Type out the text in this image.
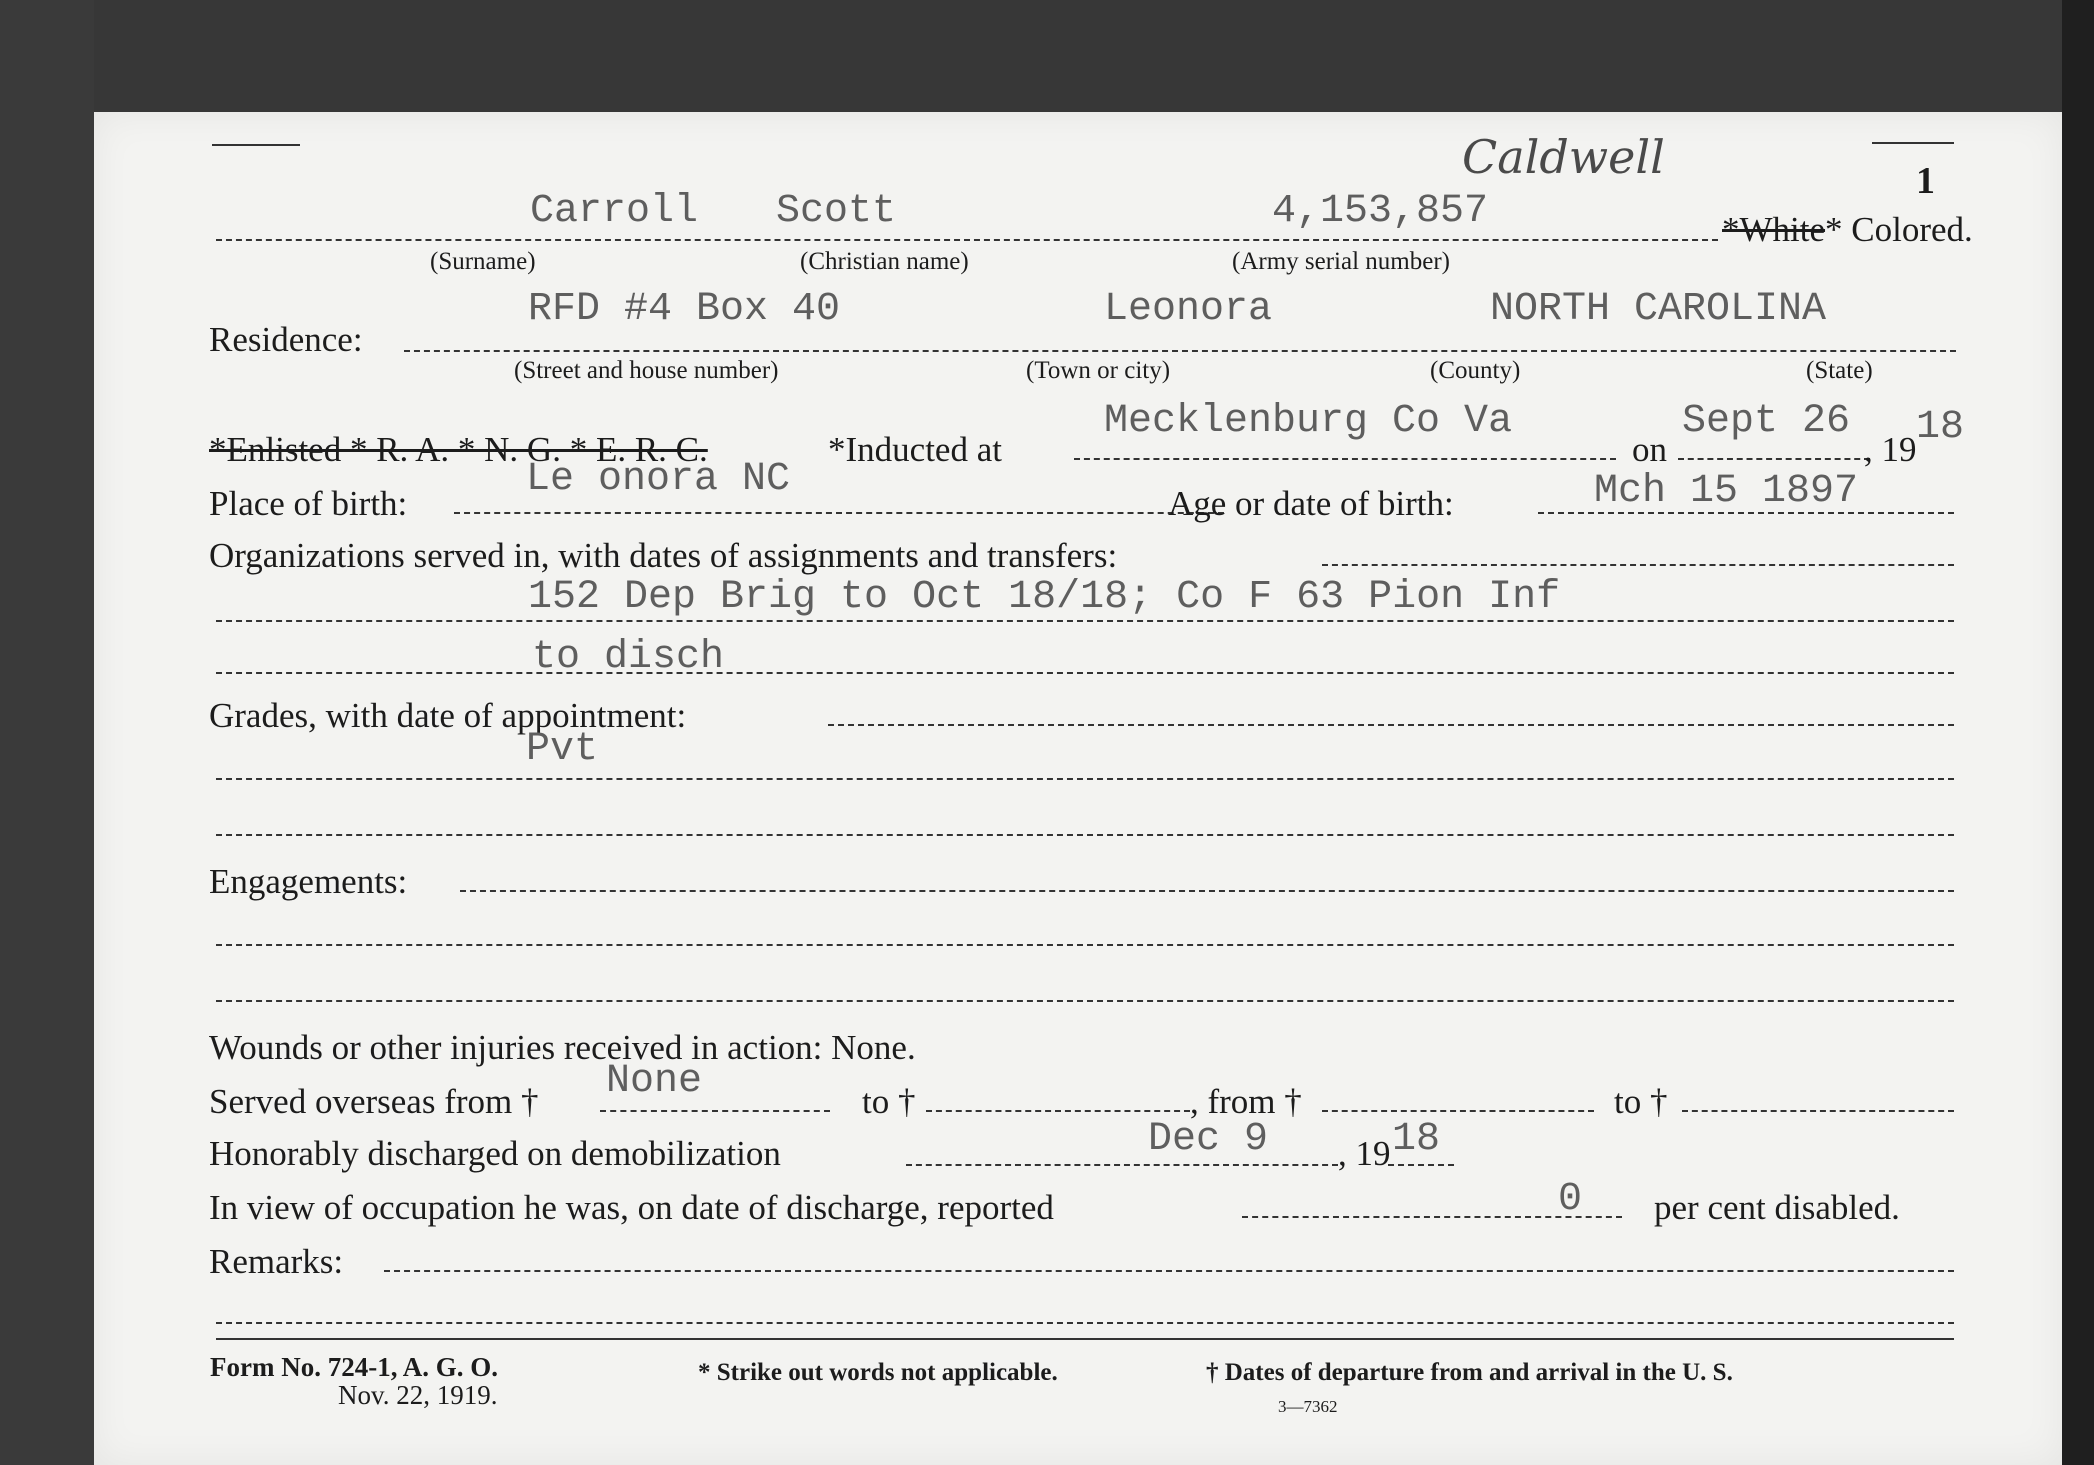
Caldwell	1
Carroll Scott	4,153,857	*White* Colored.
(Surname)	(Christian name)	(Army serial number)
Residence:
RFD #4 Box 40	Leonora	NORTH CAROLINA
(Street and house number)	(Town or city)	(County)	(State)
*Enlisted * R. A. * N. G. * E. R. C.	*Inducted at
Mecklenburg Co Va
on
Sept 26
, 19 18
Place of birth:
Le onora NC
Age or date of birth:	Mch 15 1897
Organizations served in, with dates of assignments and transfers:
152 Dep Brig to Oct 18/18; Co F 63 Pion Inf
to disch
Grades, with date of appointment:
Pvt
Engagements:
Wounds or other injuries received in action: None.
Served overseas from † None	to †	, from †	to †
Honorably discharged on demobilization	Dec 9 , 19 18
In view of occupation he was, on date of discharge, reported	0 per cent disabled.
Remarks:
Form No. 724-1, A. G. O.
Nov. 22, 1919.
* Strike out words not applicable.	† Dates of departure from and arrival in the U. S.
3—7362
